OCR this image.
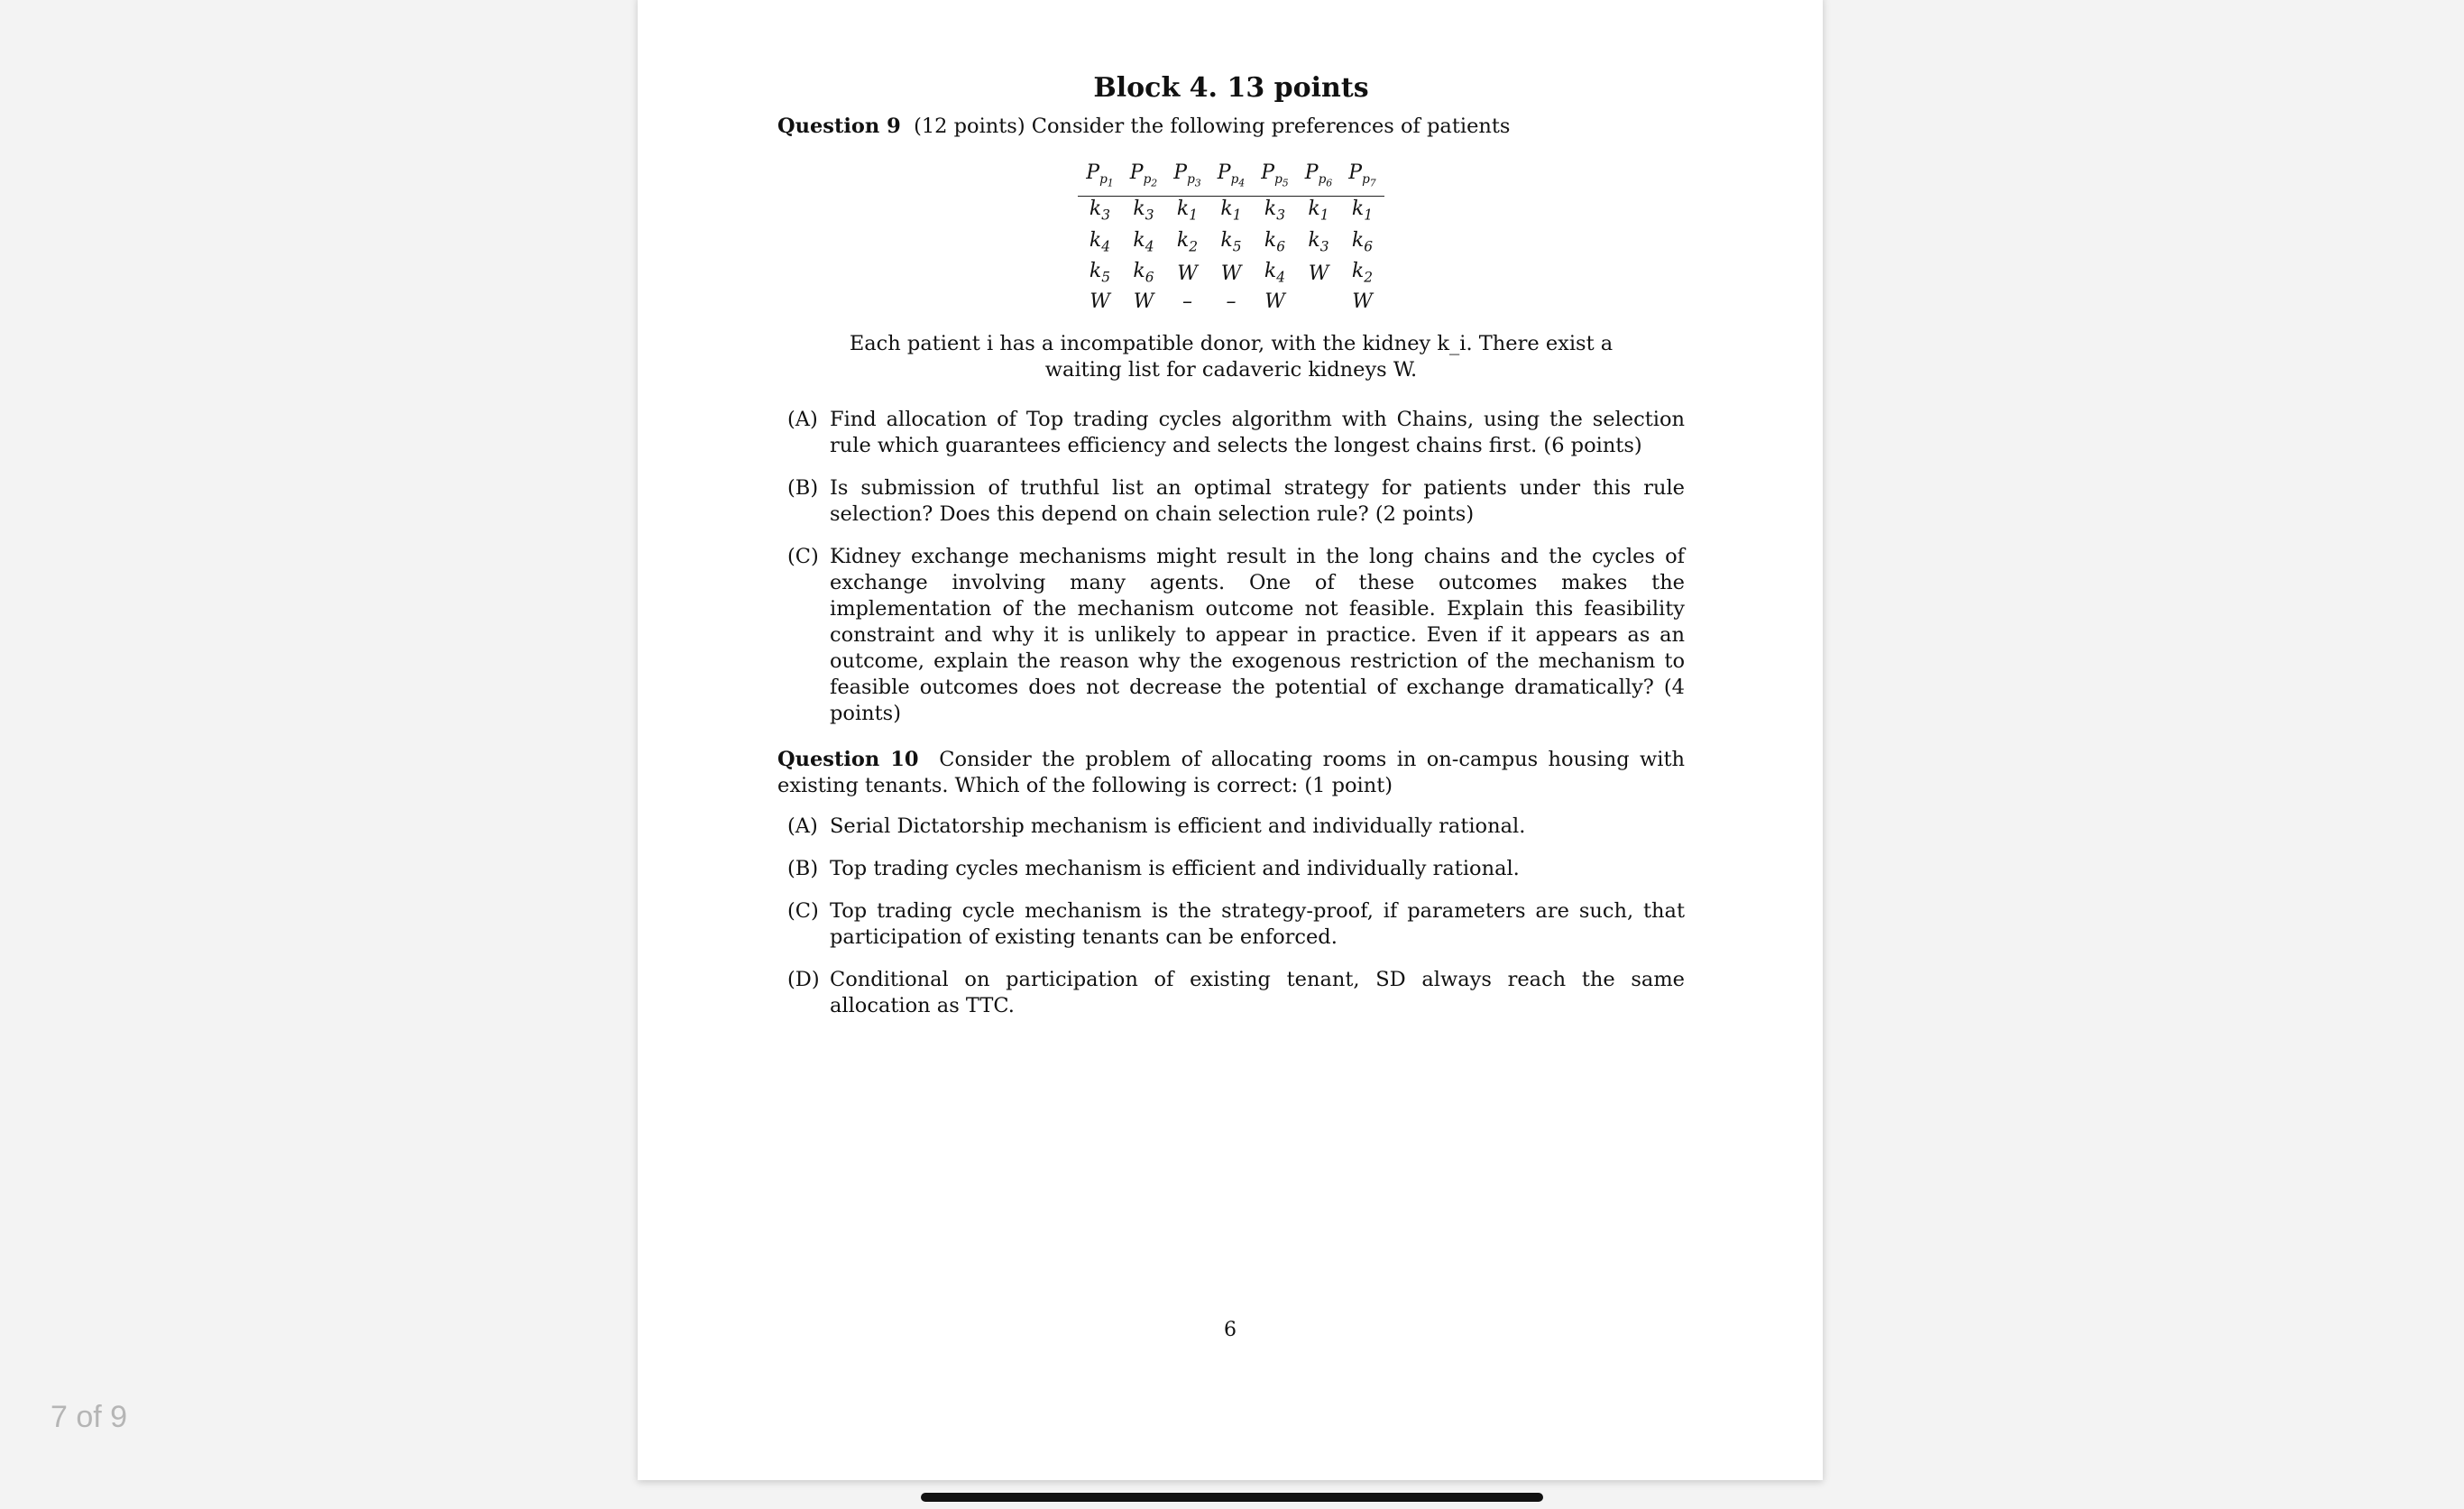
Block 4. 13 points

Question 9 (12 points) Consider the following preferences of patients

$P_{p_1}$	$P_{p_2}$	$P_{p_3}$	$P_{p_4}$	$P_{p_5}$	$P_{p_6}$	$P_{p_7}$
$k_3$	$k_3$	$k_1$	$k_1$	$k_3$	$k_1$	$k_1$
$k_4$	$k_4$	$k_2$	$k_5$	$k_6$	$k_3$	$k_6$
$k_5$	$k_6$	W	W	$k_4$	W	$k_2$
W	W	–	–	W		W

Each patient i has a incompatible donor, with the kidney k_i. There exist a waiting list for cadaveric kidneys W.

(A) Find allocation of Top trading cycles algorithm with Chains, using the selection rule which guarantees efficiency and selects the longest chains first. (6 points)
(B) Is submission of truthful list an optimal strategy for patients under this rule selection? Does this depend on chain selection rule? (2 points)
(C) Kidney exchange mechanisms might result in the long chains and the cycles of exchange involving many agents. One of these outcomes makes the implementation of the mechanism outcome not feasible. Explain this feasibility constraint and why it is unlikely to appear in practice. Even if it appears as an outcome, explain the reason why the exogenous restriction of the mechanism to feasible outcomes does not decrease the potential of exchange dramatically? (4 points)

Question 10 Consider the problem of allocating rooms in on-campus housing with existing tenants. Which of the following is correct: (1 point)

(A) Serial Dictatorship mechanism is efficient and individually rational.
(B) Top trading cycles mechanism is efficient and individually rational.
(C) Top trading cycle mechanism is the strategy-proof, if parameters are such, that participation of existing tenants can be enforced.
(D) Conditional on participation of existing tenant, SD always reach the same allocation as TTC.
6
7 of 9
